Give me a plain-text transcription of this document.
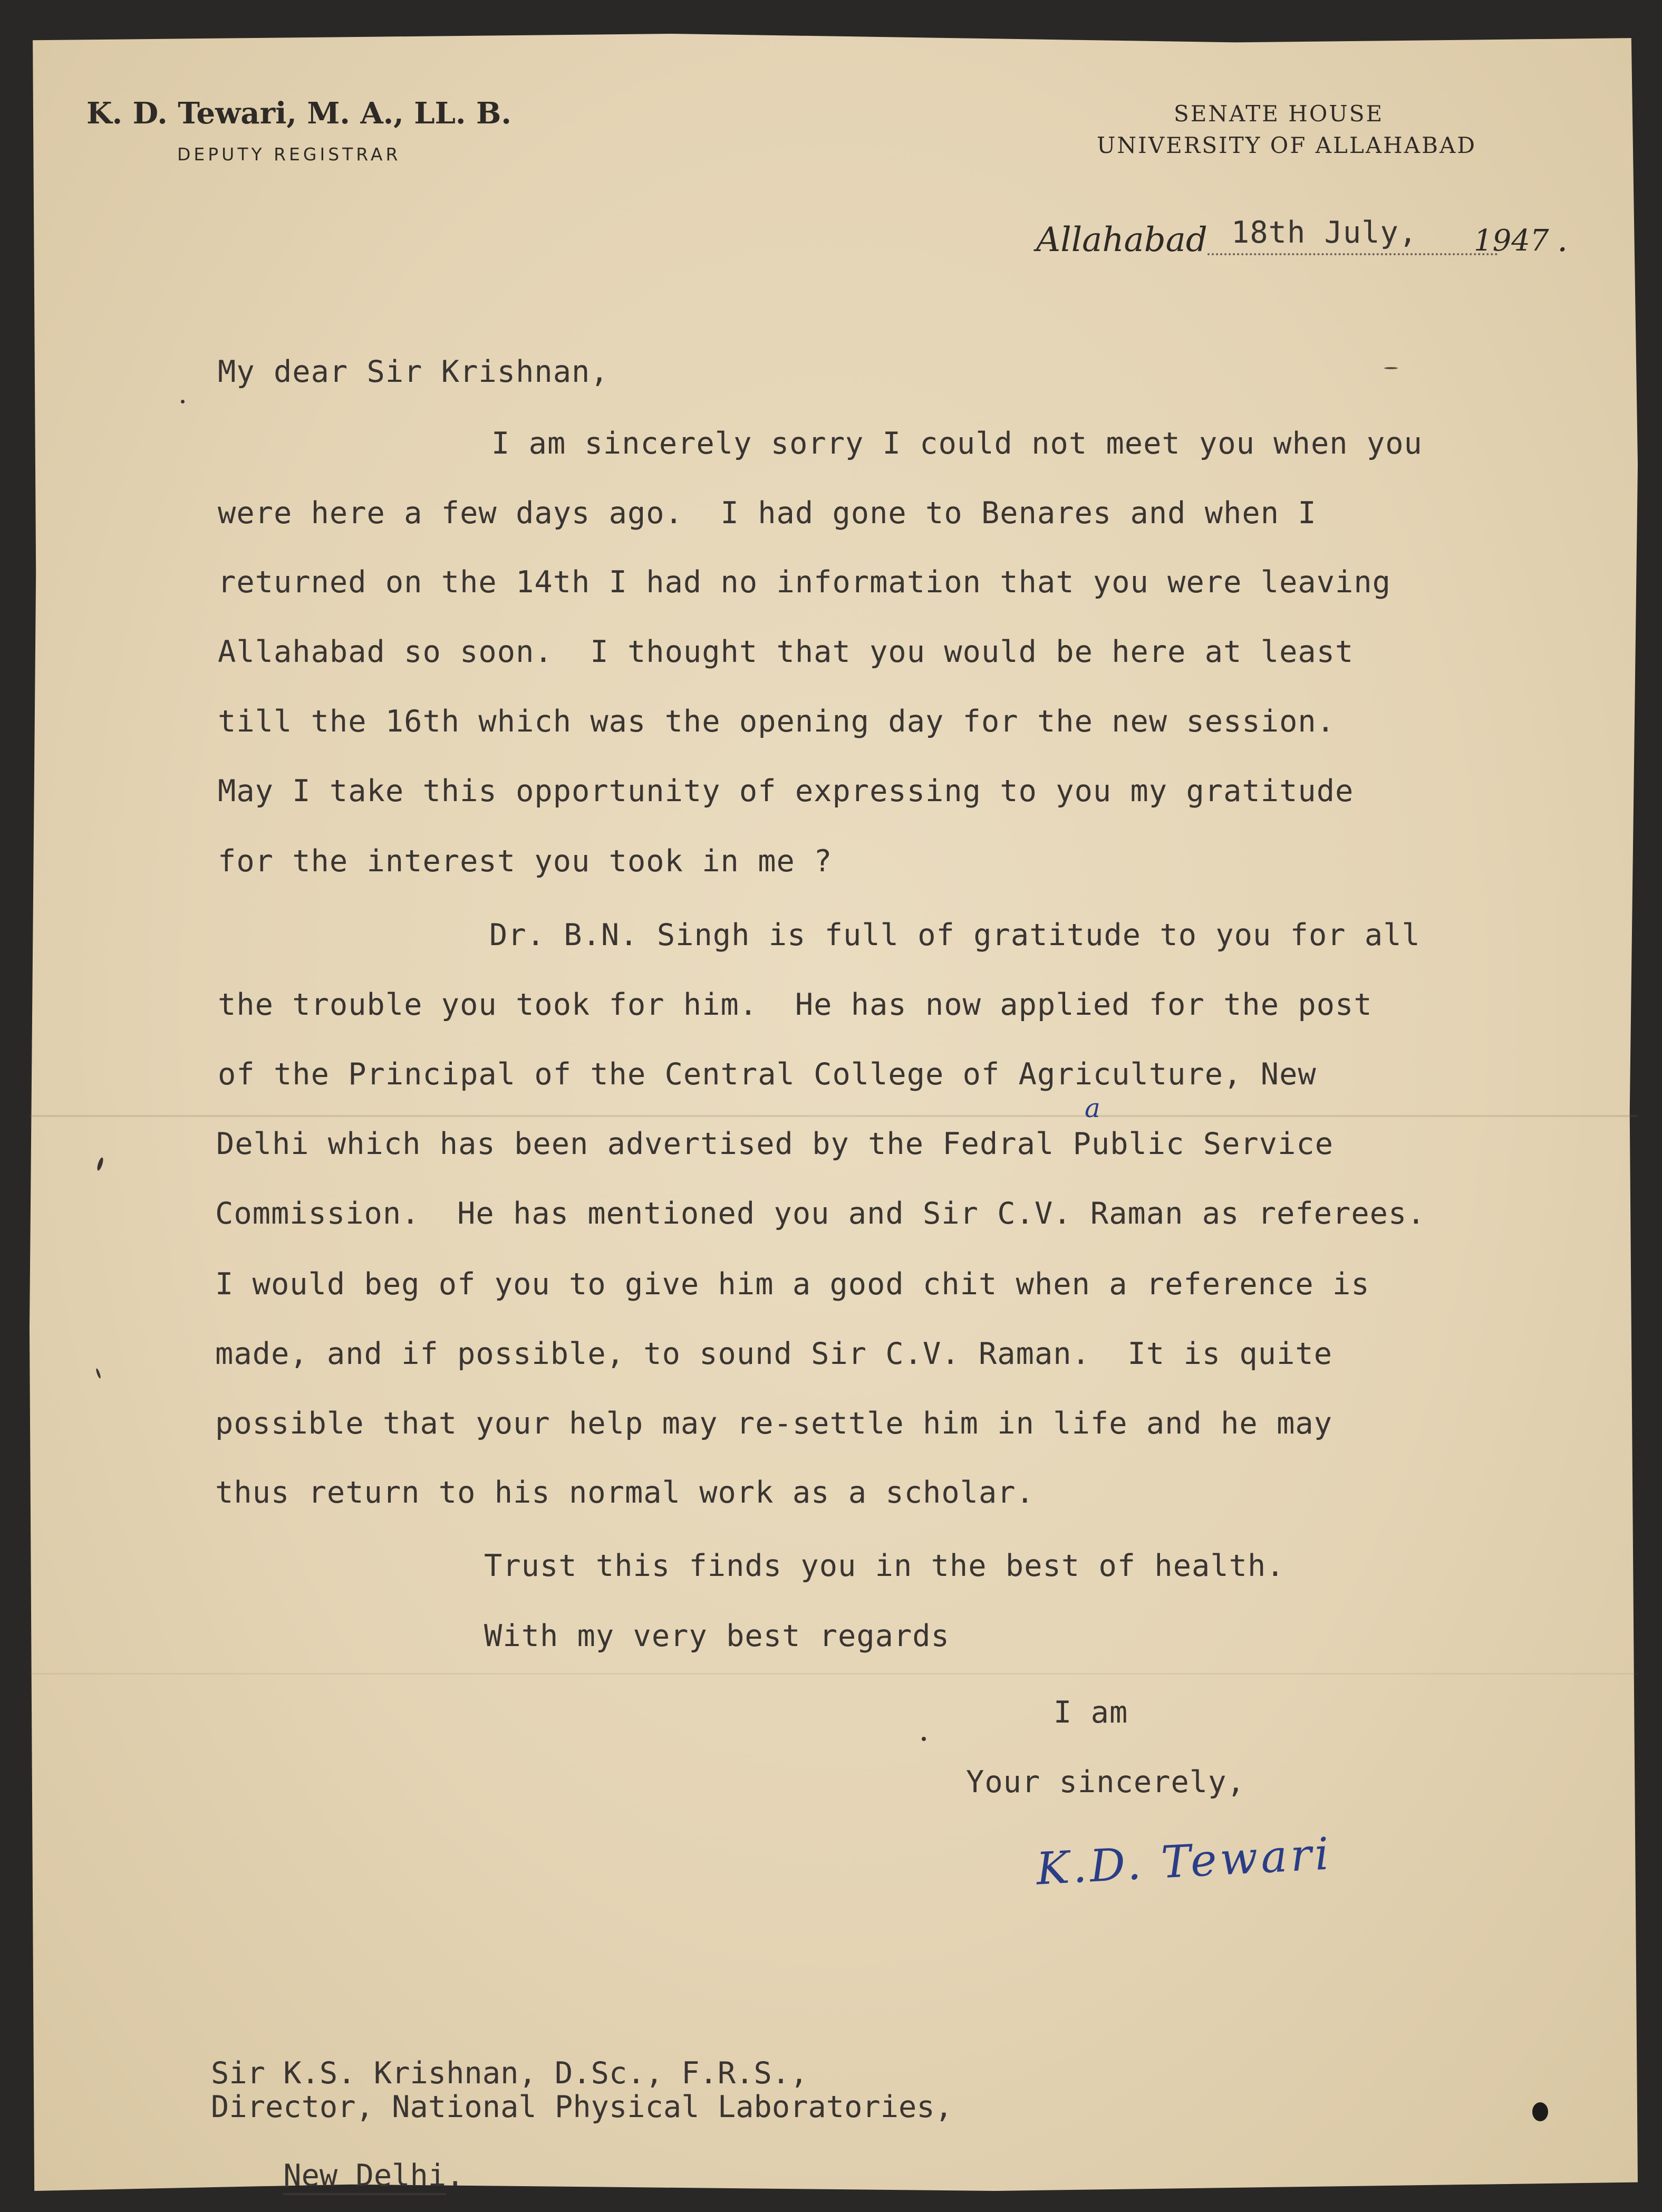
K. D. Tewari, M. A., LL. B.
DEPUTY REGISTRAR
SENATE HOUSE
UNIVERSITY OF ALLAHABAD
Allahabad

18th July,

1947 .
My dear Sir Krishnan,
I am sincerely sorry I could not meet you when you
were here a few days ago.  I had gone to Benares and when I
returned on the 14th I had no information that you were leaving
Allahabad so soon.  I thought that you would be here at least
till the 16th which was the opening day for the new session.
May I take this opportunity of expressing to you my gratitude
for the interest you took in me ?
Dr. B.N. Singh is full of gratitude to you for all
the trouble you took for him.  He has now applied for the post
of the Principal of the Central College of Agriculture, New
Delhi which has been advertised by the Fedral Public Service
a
Commission.  He has mentioned you and Sir C.V. Raman as referees.
I would beg of you to give him a good chit when a reference is
made, and if possible, to sound Sir C.V. Raman.  It is quite
possible that your help may re-settle him in life and he may
thus return to his normal work as a scholar.
Trust this finds you in the best of health.
With my very best regards
I am
Your sincerely,
K.D. Tewari
Sir K.S. Krishnan, D.Sc., F.R.S.,
Director, National Physical Laboratories,

New Delhi.
